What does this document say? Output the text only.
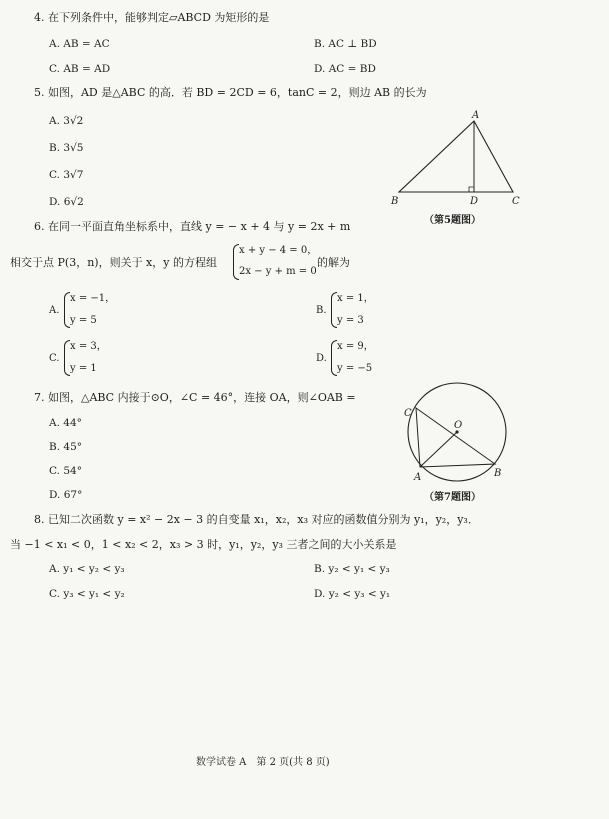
4. 在下列条件中，能够判定▱ABCD 为矩形的是
A. AB = AC	B. AC ⊥ BD
C. AB = AD	D. AC = BD
5. 如图，AD 是△ABC 的高．若 BD = 2CD = 6，tanC = 2，则边 AB 的长为
A. 3√2
B. 3√5
C. 3√7
D. 6√2
A
B	D	C
（第5题图）
6. 在同一平面直角坐标系中，直线 y = − x + 4 与 y = 2x + m
相交于点 P(3，n)，则关于 x，y 的方程组
x + y − 4 = 0，
2x − y + m = 0
的解为
A.
x = −1，
y = 5
B.
x = 1，
y = 3
C.
x = 3，
y = 1
D.
x = 9，
y = −5
7. 如图，△ABC 内接于⊙O，∠C = 46°，连接 OA，则∠OAB =
A. 44°
B. 45°
C. 54°
D. 67°
C
O
A	B
（第7题图）
8. 已知二次函数 y = x² − 2x − 3 的自变量 x₁，x₂，x₃ 对应的函数值分别为 y₁，y₂，y₃．
当 −1 < x₁ < 0，1 < x₂ < 2，x₃ > 3 时，y₁，y₂，y₃ 三者之间的大小关系是
A. y₁ < y₂ < y₃	B. y₂ < y₁ < y₃
C. y₃ < y₁ < y₂	D. y₂ < y₃ < y₁
数学试卷 A　第 2 页(共 8 页)
